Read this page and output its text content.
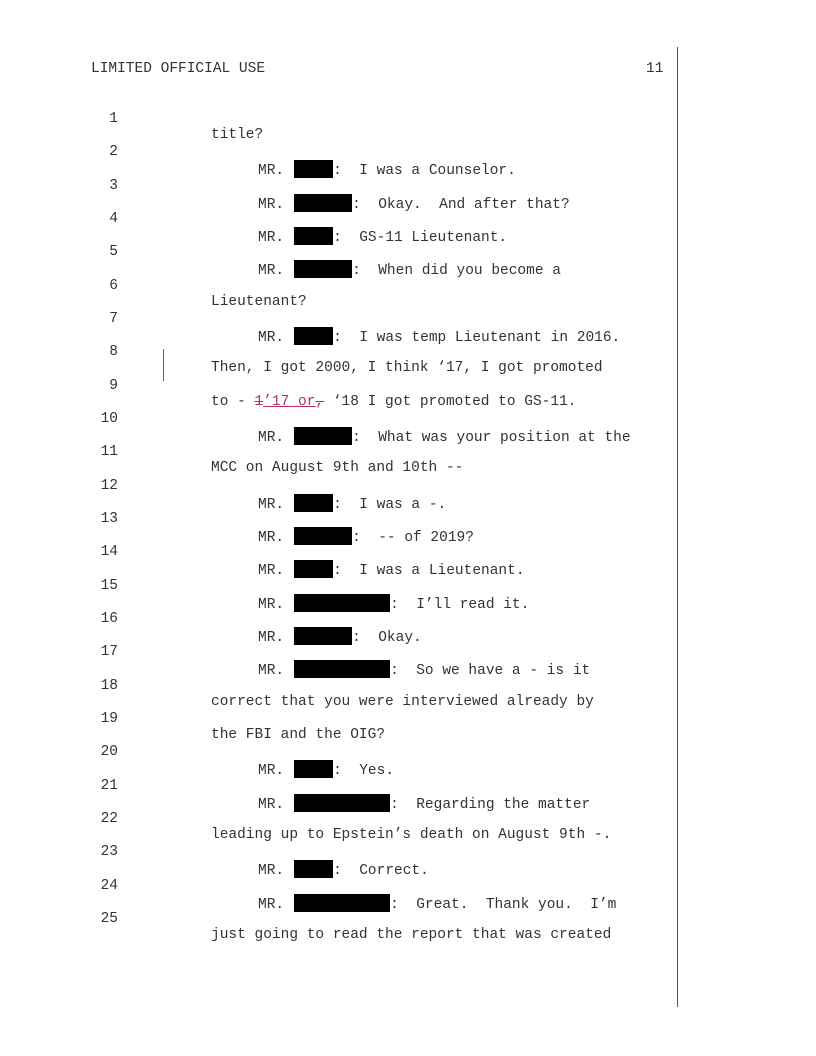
LIMITED OFFICIAL USE	11

1

title?

2

MR.	:  I was a Counselor.

3

MR.	:  Okay.  And after that?

4

MR.	:  GS-11 Lieutenant.

5

MR.	:  When did you become a

6

Lieutenant?

7

MR.	:  I was temp Lieutenant in 2016.

8

Then, I got 2000, I think ‘17, I got promoted

9

to - 1’17 or, ‘18 I got promoted to GS-11.

10

MR.	:  What was your position at the

11

MCC on August 9th and 10th --

12

MR.	:  I was a -.

13

MR.	:  -- of 2019?

14

MR.	:  I was a Lieutenant.

15

MR.	:  I’ll read it.

16

MR.	:  Okay.

17

MR.	:  So we have a - is it

18

correct that you were interviewed already by

19

the FBI and the OIG?

20

MR.	:  Yes.

21

MR.	:  Regarding the matter

22

leading up to Epstein’s death on August 9th -.

23

MR.	:  Correct.

24

MR.	:  Great.  Thank you.  I’m

25

just going to read the report that was created
